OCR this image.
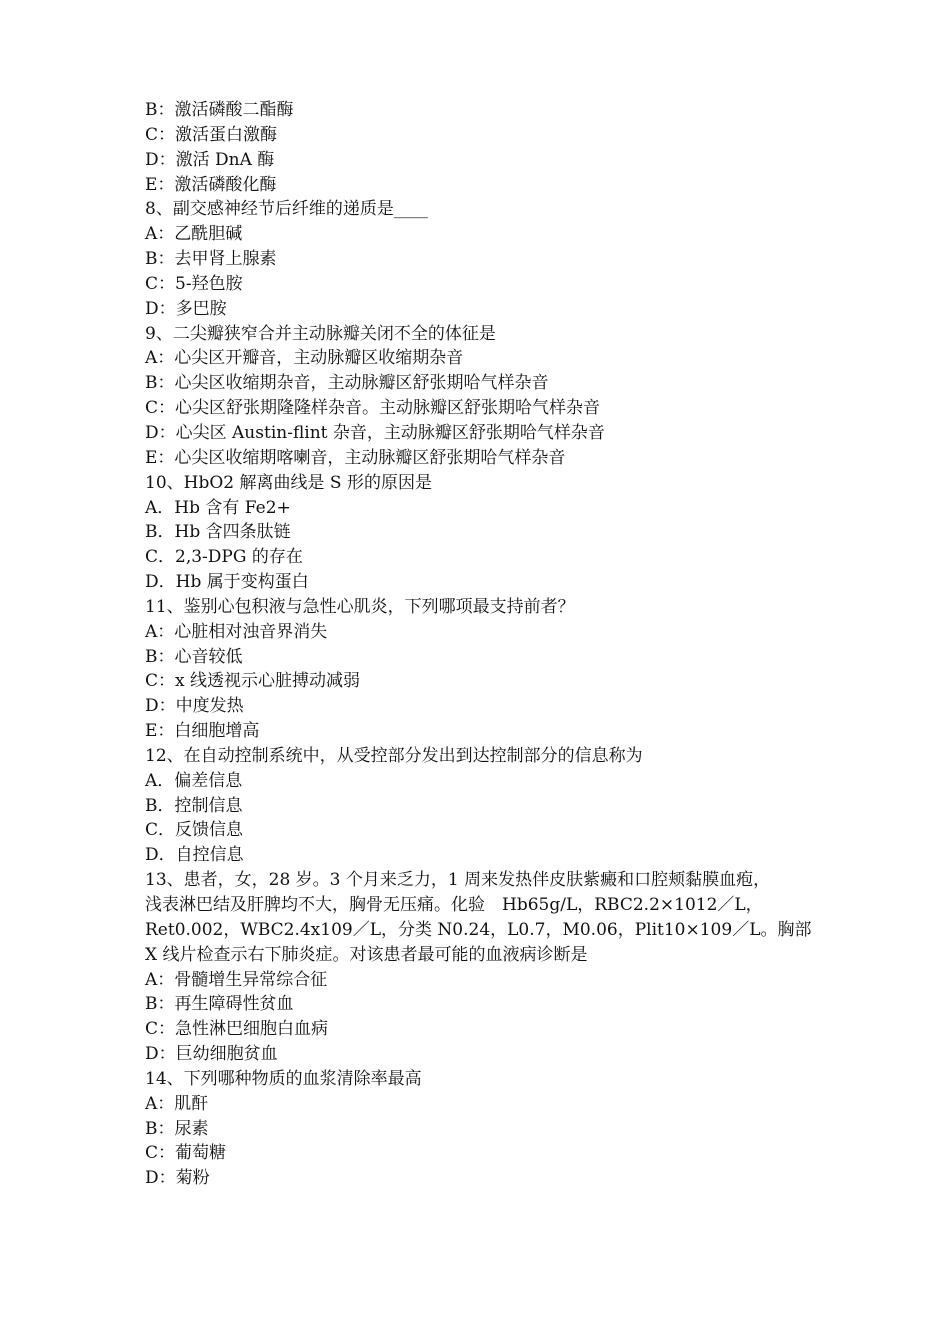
B：激活磷酸二酯酶
C：激活蛋白激酶
D：激活 DnA 酶
E：激活磷酸化酶
8、副交感神经节后纤维的递质是____
A：乙酰胆碱
B：去甲肾上腺素
C：5-羟色胺
D：多巴胺
9、二尖瓣狭窄合并主动脉瓣关闭不全的体征是
A：心尖区开瓣音，主动脉瓣区收缩期杂音
B：心尖区收缩期杂音，主动脉瓣区舒张期哈气样杂音
C：心尖区舒张期隆隆样杂音。主动脉瓣区舒张期哈气样杂音
D：心尖区 Austin-flint 杂音，主动脉瓣区舒张期哈气样杂音
E：心尖区收缩期喀喇音，主动脉瓣区舒张期哈气样杂音
10、HbO2 解离曲线是 S 形的原因是
A．Hb 含有 Fe2+
B．Hb 含四条肽链
C．2,3-DPG 的存在
D．Hb 属于变构蛋白
11、鉴别心包积液与急性心肌炎，下列哪项最支持前者？
A：心脏相对浊音界消失
B：心音较低
C：x 线透视示心脏搏动减弱
D：中度发热
E：白细胞增高
12、在自动控制系统中，从受控部分发出到达控制部分的信息称为
A．偏差信息
B．控制信息
C．反馈信息
D．自控信息
13、患者，女，28 岁。3 个月来乏力，1 周来发热伴皮肤紫癜和口腔颊黏膜血疱，
浅表淋巴结及肝脾均不大，胸骨无压痛。化验　Hb65g/L，RBC2.2×1012／L，
Ret0.002，WBC2.4x109／L，分类 N0.24，L0.7，M0.06，Plit10×109／L。胸部
X 线片检查示右下肺炎症。对该患者最可能的血液病诊断是
A：骨髓增生异常综合征
B：再生障碍性贫血
C：急性淋巴细胞白血病
D：巨幼细胞贫血
14、下列哪种物质的血浆清除率最高
A：肌酐
B：尿素
C：葡萄糖
D：菊粉
